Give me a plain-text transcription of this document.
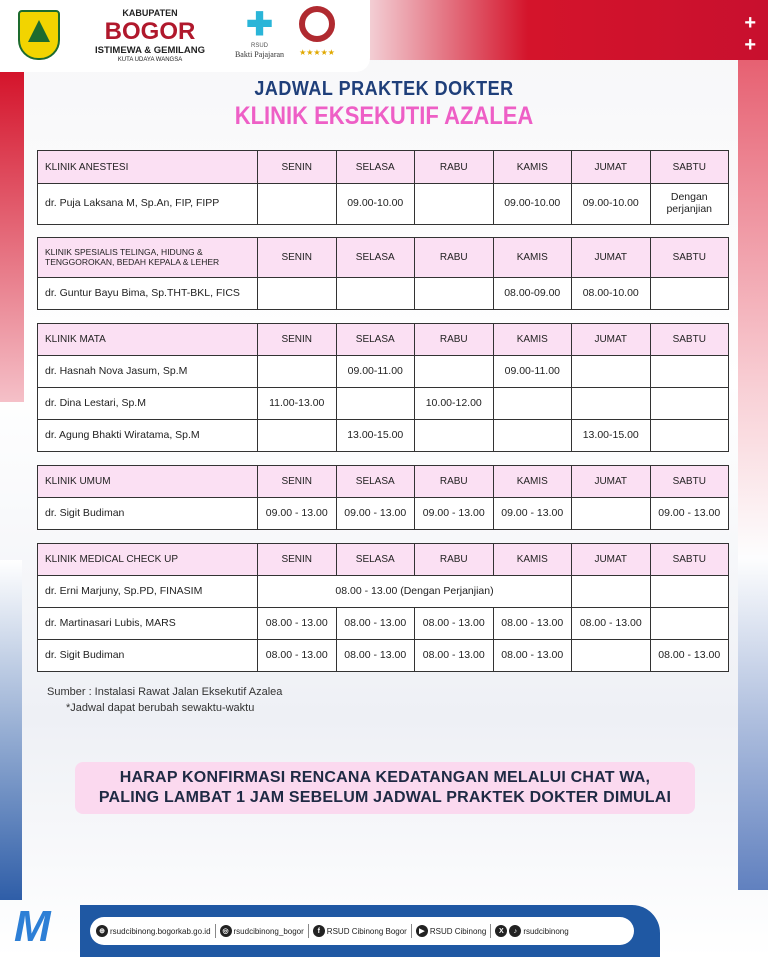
+
+
KABUPATEN
BOGOR
ISTIMEWA & GEMILANG
KUTA UDAYA WANGSA
✚
RSUD
Bakti Pajajaran	★★★★★
JADWAL PRAKTEK DOKTER
KLINIK EKSEKUTIF AZALEA
KLINIK ANESTESI	SENIN	SELASA	RABU	KAMIS	JUMAT	SABTU
dr. Puja Laksana M, Sp.An, FIP, FIPP		09.00-10.00		09.00-10.00	09.00-10.00	Dengan perjanjian
KLINIK SPESIALIS TELINGA, HIDUNG & TENGGOROKAN, BEDAH KEPALA & LEHER	SENIN	SELASA	RABU	KAMIS	JUMAT	SABTU
dr. Guntur Bayu Bima, Sp.THT-BKL, FICS				08.00-09.00	08.00-10.00	
KLINIK MATA	SENIN	SELASA	RABU	KAMIS	JUMAT	SABTU
dr. Hasnah Nova Jasum, Sp.M		09.00-11.00		09.00-11.00		
dr. Dina Lestari, Sp.M	11.00-13.00		10.00-12.00			
dr. Agung Bhakti Wiratama, Sp.M		13.00-15.00			13.00-15.00	
KLINIK UMUM	SENIN	SELASA	RABU	KAMIS	JUMAT	SABTU
dr. Sigit Budiman	09.00 - 13.00	09.00 - 13.00	09.00 - 13.00	09.00 - 13.00		09.00 - 13.00
KLINIK MEDICAL CHECK UP	SENIN	SELASA	RABU	KAMIS	JUMAT	SABTU
dr. Erni Marjuny, Sp.PD, FINASIM	08.00 - 13.00 (Dengan Perjanjian)					
dr. Martinasari Lubis, MARS	08.00 - 13.00	08.00 - 13.00	08.00 - 13.00	08.00 - 13.00	08.00 - 13.00	
dr. Sigit Budiman	08.00 - 13.00	08.00 - 13.00	08.00 - 13.00	08.00 - 13.00		08.00 - 13.00
Sumber : Instalasi Rawat Jalan Eksekutif Azalea
*Jadwal dapat berubah sewaktu-waktu
HARAP KONFIRMASI RENCANA KEDATANGAN MELALUI CHAT WA,
PALING LAMBAT 1 JAM SEBELUM JADWAL PRAKTEK DOKTER DIMULAI
M	⊕ rsudcibinong.bogorkab.go.id	◎ rsudcibinong_bogor	f RSUD Cibinong Bogor	▶ RSUD Cibinong	X	♪ rsudcibinong
